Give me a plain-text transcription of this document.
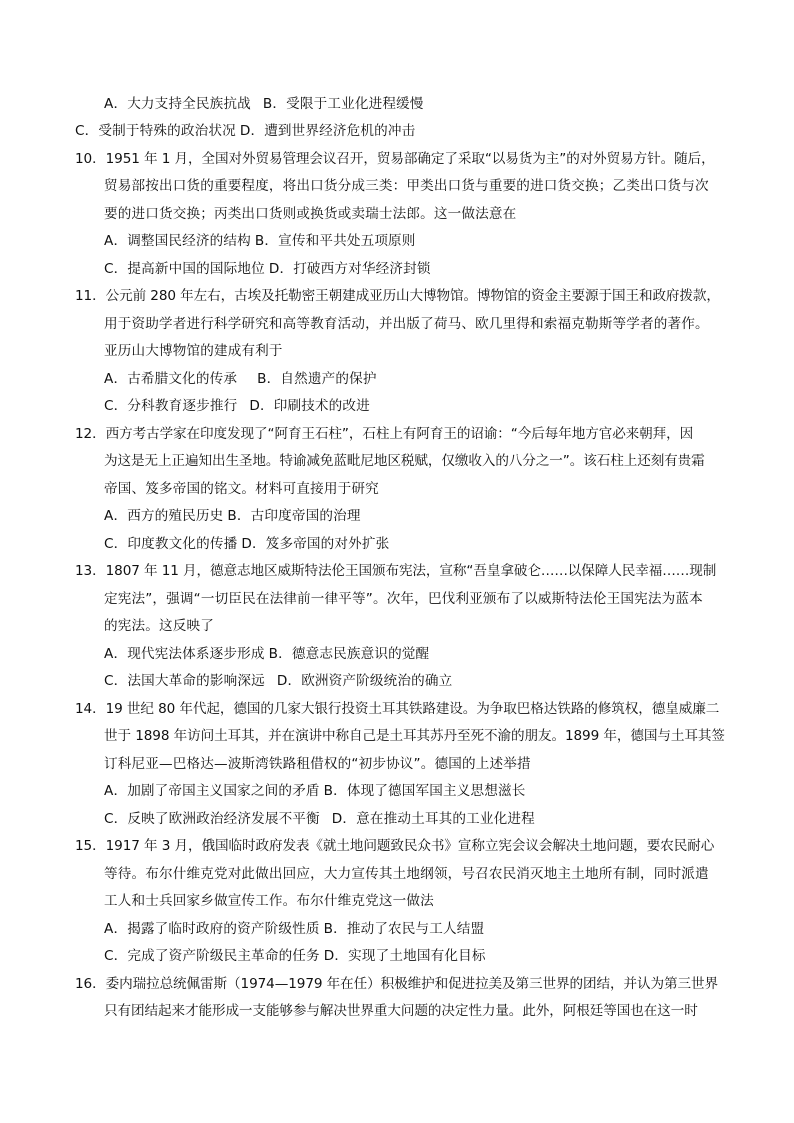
A．大力支持全民族抗战 B．受限于工业化进程缓慢
C．受制于特殊的政治状况 D．遭到世界经济危机的冲击
10．1951 年 1 月，全国对外贸易管理会议召开，贸易部确定了采取“以易货为主”的对外贸易方针。随后，
贸易部按出口货的重要程度，将出口货分成三类：甲类出口货与重要的进口货交换；乙类出口货与次
要的进口货交换；丙类出口货则或换货或卖瑞士法郎。这一做法意在
A．调整国民经济的结构 B．宣传和平共处五项原则
C．提高新中国的国际地位 D．打破西方对华经济封锁
11．公元前 280 年左右，古埃及托勒密王朝建成亚历山大博物馆。博物馆的资金主要源于国王和政府拨款，
用于资助学者进行科学研究和高等教育活动，并出版了荷马、欧几里得和索福克勒斯等学者的著作。
亚历山大博物馆的建成有利于
A．古希腊文化的传承 B．自然遗产的保护
C．分科教育逐步推行 D．印刷技术的改进
12．西方考古学家在印度发现了“阿育王石柱”，石柱上有阿育王的诏谕：“今后每年地方官必来朝拜，因
为这是无上正遍知出生圣地。特谕减免蓝毗尼地区税赋，仅缴收入的八分之一”。该石柱上还刻有贵霜
帝国、笈多帝国的铭文。材料可直接用于研究
A．西方的殖民历史 B．古印度帝国的治理
C．印度教文化的传播 D．笈多帝国的对外扩张
13．1807 年 11 月，德意志地区威斯特法伦王国颁布宪法，宣称“吾皇拿破仑……以保障人民幸福……现制
定宪法”，强调“一切臣民在法律前一律平等”。次年，巴伐利亚颁布了以威斯特法伦王国宪法为蓝本
的宪法。这反映了
A．现代宪法体系逐步形成 B．德意志民族意识的觉醒
C．法国大革命的影响深远 D．欧洲资产阶级统治的确立
14．19 世纪 80 年代起，德国的几家大银行投资土耳其铁路建设。为争取巴格达铁路的修筑权，德皇威廉二
世于 1898 年访问土耳其，并在演讲中称自己是土耳其苏丹至死不渝的朋友。1899 年，德国与土耳其签
订科尼亚—巴格达—波斯湾铁路租借权的“初步协议”。德国的上述举措
A．加剧了帝国主义国家之间的矛盾 B．体现了德国军国主义思想滋长
C．反映了欧洲政治经济发展不平衡 D．意在推动土耳其的工业化进程
15．1917 年 3 月，俄国临时政府发表《就土地问题致民众书》宣称立宪会议会解决土地问题，要农民耐心
等待。布尔什维克党对此做出回应，大力宣传其土地纲领，号召农民消灭地主土地所有制，同时派遣
工人和士兵回家乡做宣传工作。布尔什维克党这一做法
A．揭露了临时政府的资产阶级性质 B．推动了农民与工人结盟
C．完成了资产阶级民主革命的任务 D．实现了土地国有化目标
16．委内瑞拉总统佩雷斯（1974—1979 年在任）积极维护和促进拉美及第三世界的团结，并认为第三世界
只有团结起来才能形成一支能够参与解决世界重大问题的决定性力量。此外，阿根廷等国也在这一时
